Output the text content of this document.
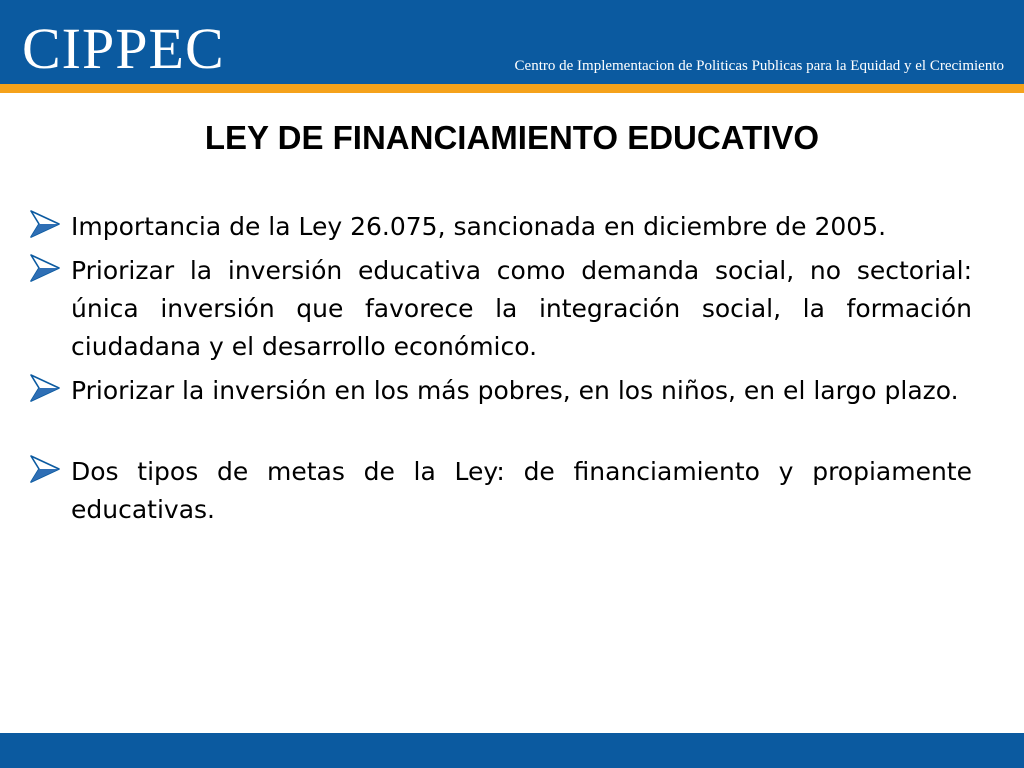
CIPPEC	Centro de Implementacion de Politicas Publicas para la Equidad y el Crecimiento
LEY DE FINANCIAMIENTO EDUCATIVO
Importancia de la Ley 26.075, sancionada en diciembre de 2005.
Priorizar la inversión educativa como demanda social, no sectorial: única inversión que favorece la integración social, la formación ciudadana y el desarrollo económico.
Priorizar la inversión en los más pobres, en los niños, en el largo plazo.
Dos tipos de metas de la Ley: de financiamiento y propiamente educativas.
